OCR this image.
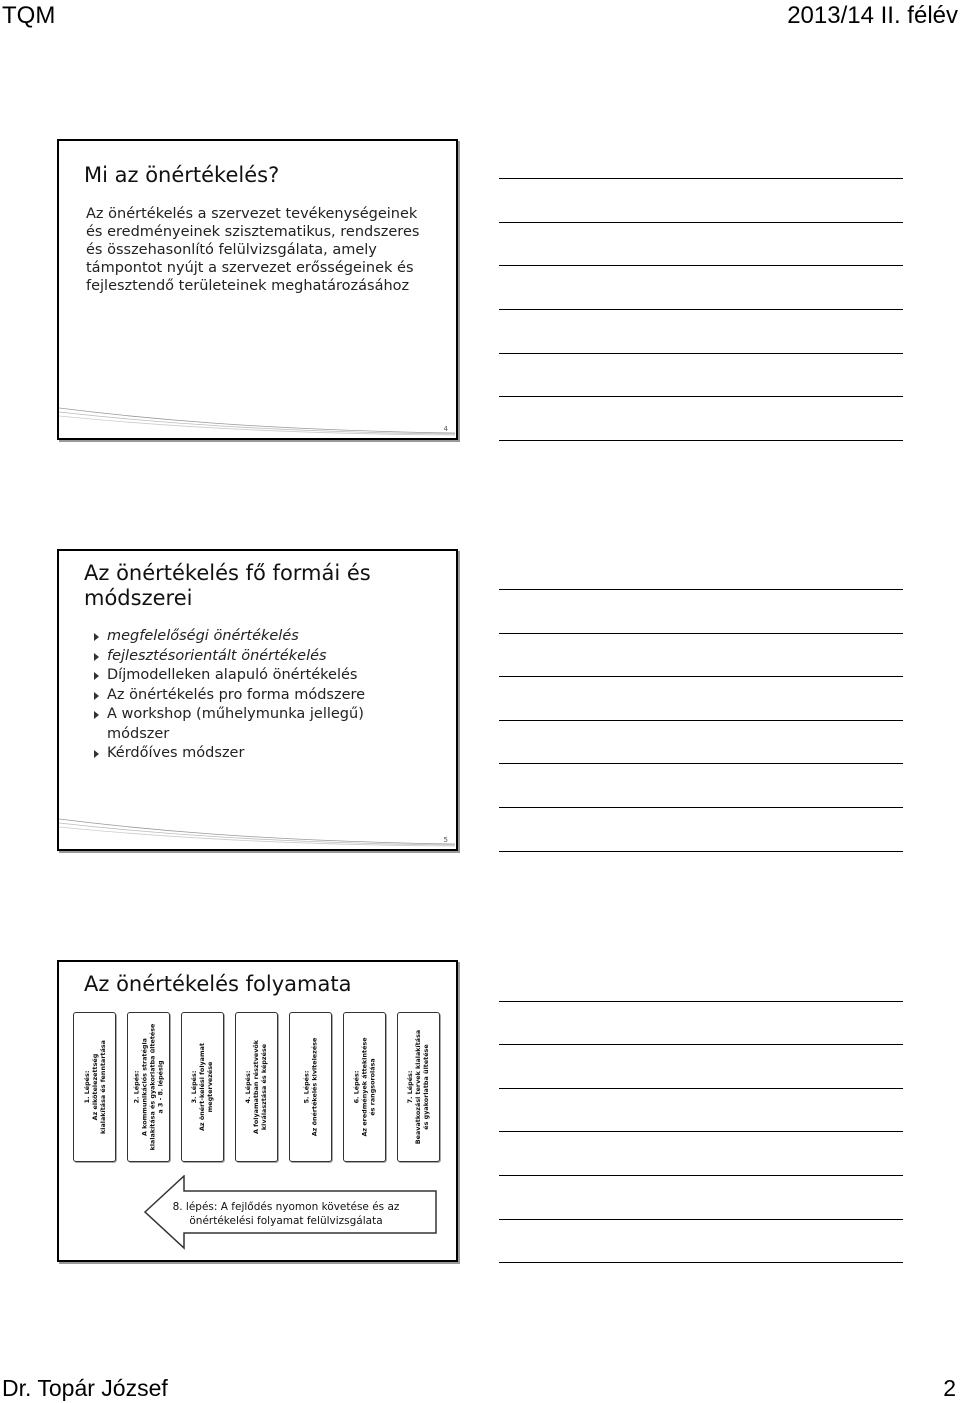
TQM	2013/14 II. félév
Mi az önértékelés?
Az önértékelés a szervezet tevékenységeinek és eredményeinek szisztematikus, rendszeres és összehasonlító felülvizsgálata, amely támpontot nyújt a szervezet erősségeinek és fejlesztendő területeinek meghatározásához
4
Az önértékelés fő formái és módszerei
megfelelőségi önértékelés
fejlesztésorientált önértékelés
Díjmodelleken alapuló önértékelés
Az önértékelés pro forma módszere
A workshop (műhelymunka jellegű) módszer
Kérdőíves módszer
5
Az önértékelés folyamata
1. Lépés:
Az elkötelezettség
kialakítása és fenntartása
2. Lépés:
A kommunikációs stratégia
kialakítása és gyakorlatba ültetése
a 3 - 8. lépésig
3. Lépés:
Az önért-kelési folyamat
megtervezése	4. Lépés:
A folyamatban résztvevők
kiválasztása és képzése
5. Lépés:
Az önértékelés kivitelezése
6. Lépés:
Az eredmények áttekintése
és rangsorolása	7. Lépés:
Beavatkozási tervek kialakítása
és gyakorlatba ültetése
8. lépés: A fejlődés nyomon követése és az önértékelési folyamat felülvizsgálata
Dr. Topár József	2
